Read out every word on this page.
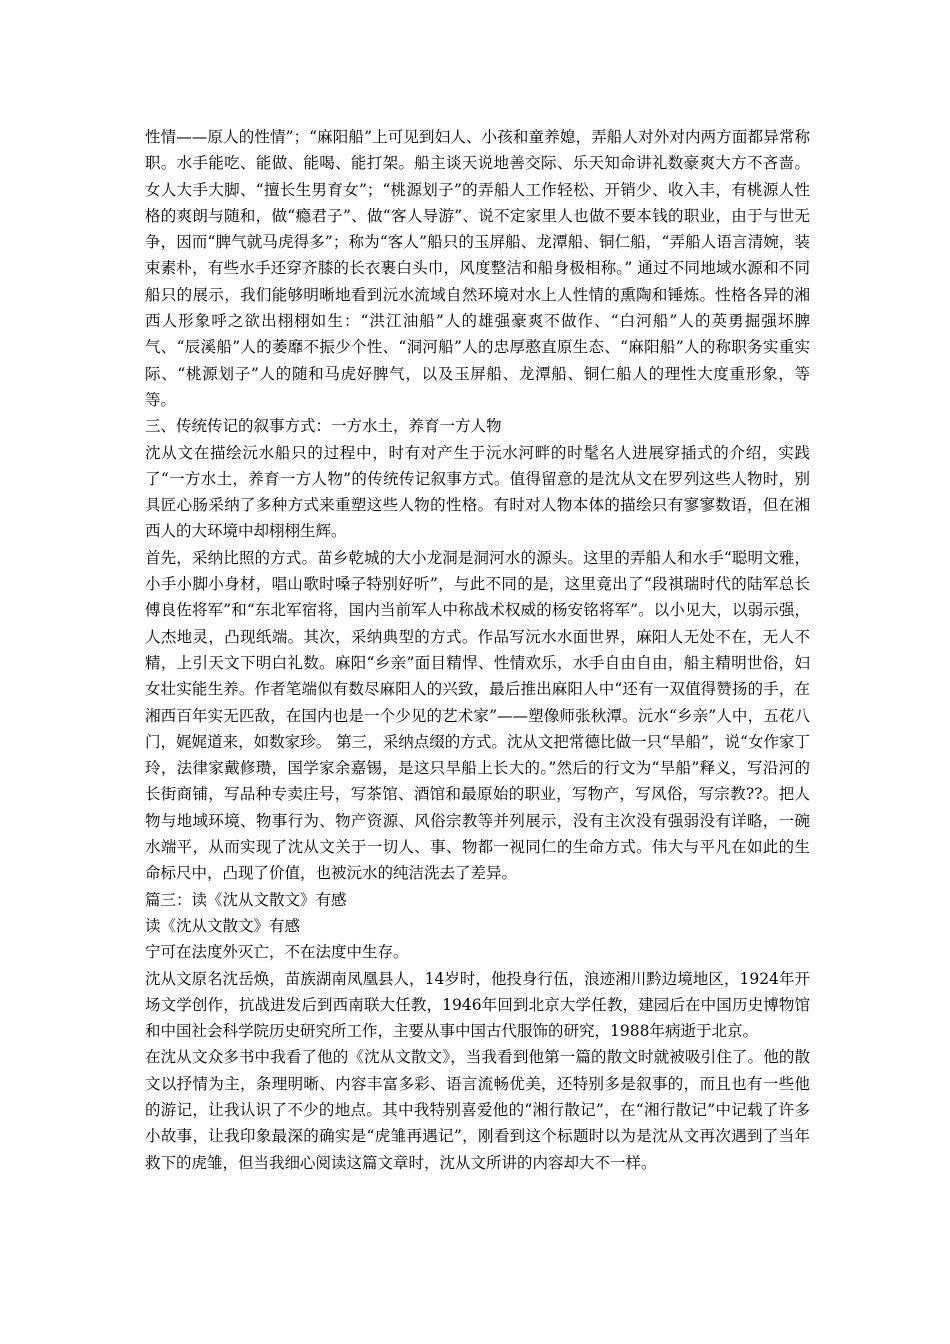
性情——原人的性情”；“麻阳船”上可见到妇人、小孩和童养媳，弄船人对外对内两方面都异常称职。水手能吃、能做、能喝、能打架。船主谈天说地善交际、乐天知命讲礼数豪爽大方不吝啬。女人大手大脚、“擅长生男育女”；“桃源划子”的弄船人工作轻松、开销少、收入丰，有桃源人性格的爽朗与随和，做“瘾君子”、做“客人导游”、说不定家里人也做不要本钱的职业，由于与世无争，因而“脾气就马虎得多”；称为“客人”船只的玉屏船、龙潭船、铜仁船，“弄船人语言清婉，装束素朴，有些水手还穿齐膝的长衣裹白头巾，风度整洁和船身极相称。” 通过不同地域水源和不同船只的展示，我们能够明晰地看到沅水流域自然环境对水上人性情的熏陶和锤炼。性格各异的湘西人形象呼之欲出栩栩如生：“洪江油船”人的雄强豪爽不做作、“白河船”人的英勇掘强坏脾气、“辰溪船”人的萎靡不振少个性、“洞河船”人的忠厚憨直原生态、“麻阳船”人的称职务实重实际、“桃源划子”人的随和马虎好脾气，以及玉屏船、龙潭船、铜仁船人的理性大度重形象，等等。

三、传统传记的叙事方式：一方水土，养育一方人物

沈从文在描绘沅水船只的过程中，时有对产生于沅水河畔的时髦名人进展穿插式的介绍，实践了“一方水土，养育一方人物”的传统传记叙事方式。值得留意的是沈从文在罗列这些人物时，别具匠心肠采纳了多种方式来重塑这些人物的性格。有时对人物本体的描绘只有寥寥数语，但在湘西人的大环境中却栩栩生辉。

首先，采纳比照的方式。苗乡乾城的大小龙洞是洞河水的源头。这里的弄船人和水手“聪明文雅，小手小脚小身材，唱山歌时嗓子特别好听”，与此不同的是，这里竟出了“段祺瑞时代的陆军总长傅良佐将军”和“东北军宿将，国内当前军人中称战术权威的杨安铭将军”。以小见大，以弱示强，人杰地灵，凸现纸端。其次，采纳典型的方式。作品写沅水水面世界，麻阳人无处不在，无人不精，上引天文下明白礼数。麻阳“乡亲”面目精悍、性情欢乐，水手自由自由，船主精明世俗，妇女壮实能生养。作者笔端似有数尽麻阳人的兴致，最后推出麻阳人中“还有一双值得赞扬的手，在湘西百年实无匹敌，在国内也是一个少见的艺术家”——塑像师张秋潭。沅水“乡亲”人中，五花八门，娓娓道来，如数家珍。 第三，采纳点缀的方式。沈从文把常德比做一只“旱船”，说“女作家丁玲，法律家戴修瓒，国学家余嘉锡，是这只旱船上长大的。”然后的行文为“旱船”释义，写沿河的长街商铺，写品种专卖庄号，写茶馆、酒馆和最原始的职业，写物产，写风俗，写宗教??。把人物与地域环境、物事行为、物产资源、风俗宗教等并列展示，没有主次没有强弱没有详略，一碗水端平，从而实现了沈从文关于一切人、事、物都一视同仁的生命方式。伟大与平凡在如此的生命标尺中，凸现了价值，也被沅水的纯洁洗去了差异。

篇三：读《沈从文散文》有感

读《沈从文散文》有感

宁可在法度外灭亡，不在法度中生存。

沈从文原名沈岳焕，苗族湖南凤凰县人，14岁时，他投身行伍，浪迹湘川黔边境地区，1924年开场文学创作，抗战进发后到西南联大任教，1946年回到北京大学任教，建园后在中国历史博物馆和中国社会科学院历史研究所工作，主要从事中国古代服饰的研究，1988年病逝于北京。

在沈从文众多书中我看了他的《沈从文散文》，当我看到他第一篇的散文时就被吸引住了。他的散文以抒情为主，条理明晰、内容丰富多彩、语言流畅优美，还特别多是叙事的，而且也有一些他的游记，让我认识了不少的地点。其中我特别喜爱他的“湘行散记”，在“湘行散记”中记载了许多小故事，让我印象最深的确实是“虎雏再遇记”，刚看到这个标题时以为是沈从文再次遇到了当年救下的虎雏，但当我细心阅读这篇文章时，沈从文所讲的内容却大不一样。
